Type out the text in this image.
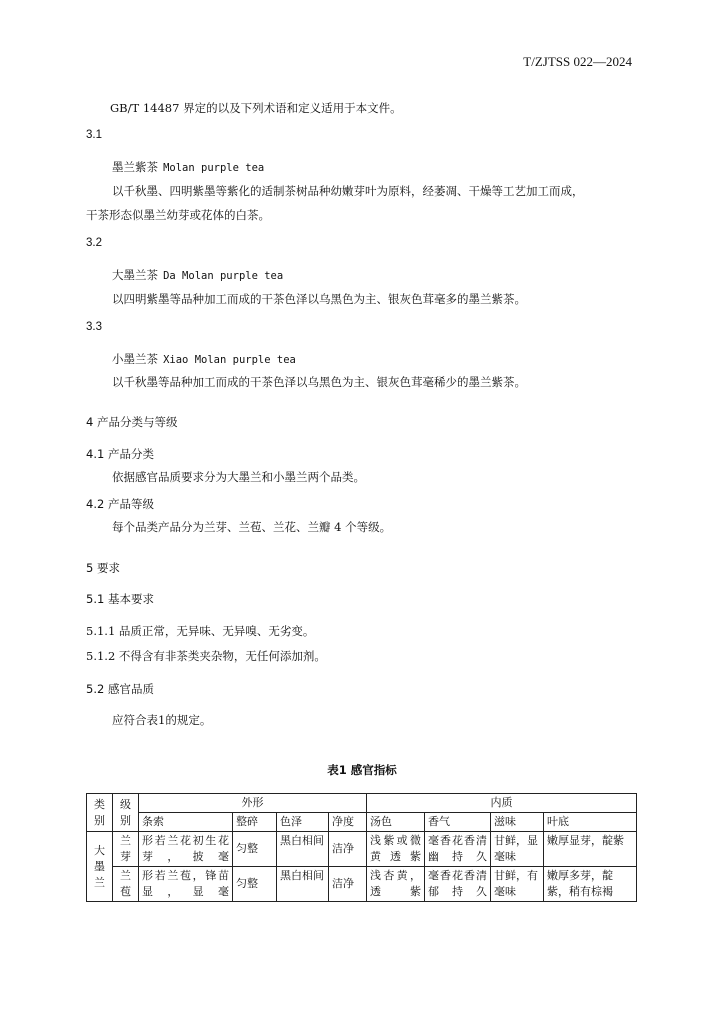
T/ZJTSS 022—2024
GB/T 14487 界定的以及下列术语和定义适用于本文件。
3.1
墨兰紫茶 Molan purple tea
以千秋墨、四明紫墨等紫化的适制茶树品种幼嫩芽叶为原料，经萎凋、干燥等工艺加工而成，
干茶形态似墨兰幼芽或花体的白茶。
3.2
大墨兰茶 Da Molan purple tea
以四明紫墨等品种加工而成的干茶色泽以乌黑色为主、银灰色茸毫多的墨兰紫茶。
3.3
小墨兰茶 Xiao Molan purple tea
以千秋墨等品种加工而成的干茶色泽以乌黑色为主、银灰色茸毫稀少的墨兰紫茶。
4 产品分类与等级
4.1 产品分类
依据感官品质要求分为大墨兰和小墨兰两个品类。
4.2 产品等级
每个品类产品分为兰芽、兰苞、兰花、兰瓣 4 个等级。
5 要求
5.1 基本要求
5.1.1 品质正常，无异味、无异嗅、无劣变。
5.1.2 不得含有非茶类夹杂物，无任何添加剂。
5.2 感官品质
应符合表1的规定。
表1 感官指标
类别	级别	外形				内质			
		条索	整碎	色泽	净度	汤色	香气	滋味	叶底
大墨兰	兰芽	形若兰花初生花芽，披毫	匀整	黑白相间	洁净	浅紫或微黄透紫	毫香花香清幽持久	甘鲜，显毫味	嫩厚显芽，靛紫
	兰苞	形若兰苞，锋苗显，显毫	匀整	黑白相间	洁净	浅杏黄，透紫	毫香花香清郁持久	甘鲜，有毫味	嫩厚多芽，靛紫，稍有棕褐
